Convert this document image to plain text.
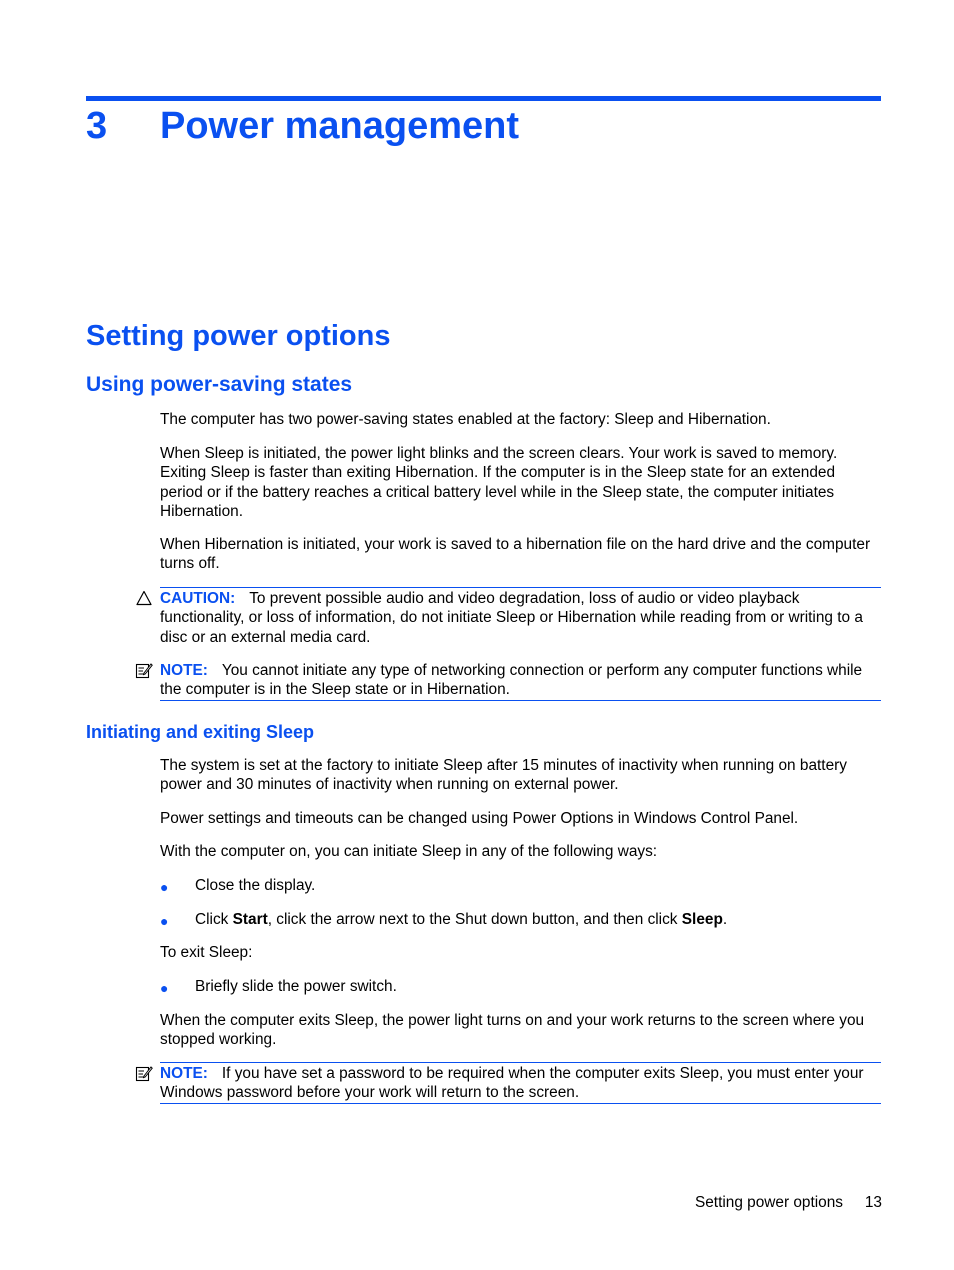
3 Power management
Setting power options
Using power-saving states
The computer has two power-saving states enabled at the factory: Sleep and Hibernation.
When Sleep is initiated, the power light blinks and the screen clears. Your work is saved to memory. Exiting Sleep is faster than exiting Hibernation. If the computer is in the Sleep state for an extended period or if the battery reaches a critical battery level while in the Sleep state, the computer initiates Hibernation.
When Hibernation is initiated, your work is saved to a hibernation file on the hard drive and the computer turns off.
CAUTION: To prevent possible audio and video degradation, loss of audio or video playback functionality, or loss of information, do not initiate Sleep or Hibernation while reading from or writing to a disc or an external media card.
NOTE: You cannot initiate any type of networking connection or perform any computer functions while the computer is in the Sleep state or in Hibernation.
Initiating and exiting Sleep
The system is set at the factory to initiate Sleep after 15 minutes of inactivity when running on battery power and 30 minutes of inactivity when running on external power.
Power settings and timeouts can be changed using Power Options in Windows Control Panel.
With the computer on, you can initiate Sleep in any of the following ways:
● Close the display.
● Click Start, click the arrow next to the Shut down button, and then click Sleep.
To exit Sleep:
● Briefly slide the power switch.
When the computer exits Sleep, the power light turns on and your work returns to the screen where you stopped working.
NOTE: If you have set a password to be required when the computer exits Sleep, you must enter your Windows password before your work will return to the screen.
Setting power options	13
